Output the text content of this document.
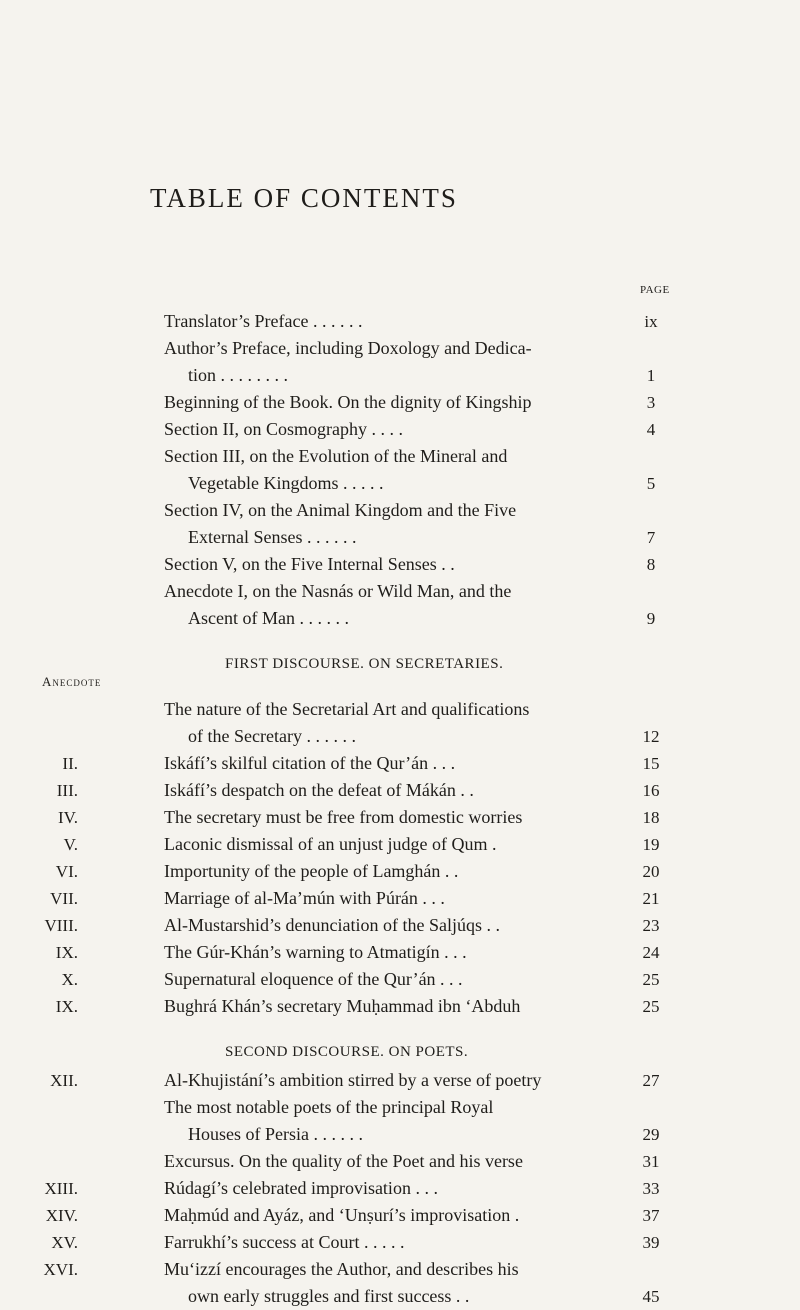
TABLE OF CONTENTS
PAGE
Translator’s Preface . . . . . .	ix
Author’s Preface, including Doxology and Dedica-
tion . . . . . . . .	1
Beginning of the Book. On the dignity of Kingship	3
Section II, on Cosmography . . . .	4
Section III, on the Evolution of the Mineral and
Vegetable Kingdoms . . . . .	5
Section IV, on the Animal Kingdom and the Five
External Senses . . . . . .	7
Section V, on the Five Internal Senses . .	8
Anecdote I, on the Nasnás or Wild Man, and the
Ascent of Man . . . . . .	9
FIRST DISCOURSE. ON SECRETARIES.
Anecdote
The nature of the Secretarial Art and qualifications
of the Secretary . . . . . .	12
II.	Iskáfí’s skilful citation of the Qur’án . . .	15
III.	Iskáfí’s despatch on the defeat of Mákán . .	16
IV.	The secretary must be free from domestic worries	18
V.	Laconic dismissal of an unjust judge of Qum .	19
VI.	Importunity of the people of Lamghán . .	20
VII.	Marriage of al-Ma’mún with Púrán . . .	21
VIII.	Al-Mustarshid’s denunciation of the Saljúqs . .	23
IX.	The Gúr-Khán’s warning to Atmatigín . . .	24
X.	Supernatural eloquence of the Qur’án . . .	25
IX.	Bughrá Khán’s secretary Muḥammad ibn ‘Abduh	25
SECOND DISCOURSE. ON POETS.
XII.	Al-Khujistání’s ambition stirred by a verse of poetry	27
The most notable poets of the principal Royal
Houses of Persia . . . . . .	29
Excursus. On the quality of the Poet and his verse	31
XIII.	Rúdagí’s celebrated improvisation . . .	33
XIV.	Maḥmúd and Ayáz, and ‘Unṣurí’s improvisation .	37
XV.	Farrukhí’s success at Court . . . . .	39
XVI.	Mu‘izzí encourages the Author, and describes his
own early struggles and first success . .	45
